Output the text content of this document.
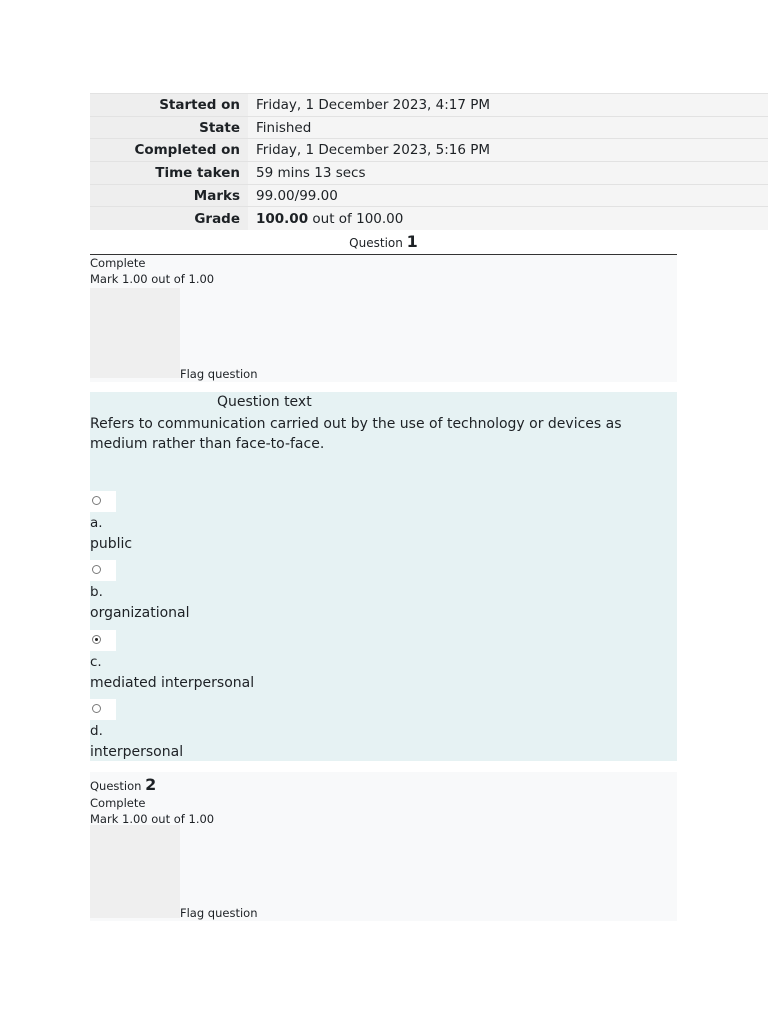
Started on	Friday, 1 December 2023, 4:17 PM
State	Finished
Completed on	Friday, 1 December 2023, 5:16 PM
Time taken	59 mins 13 secs
Marks	99.00/99.00
Grade	100.00 out of 100.00
Question 1
Complete
Mark 1.00 out of 1.00
Flag question
Question text
Refers to communication carried out by the use of technology or devices as medium rather than face-to-face.
a.
public
b.
organizational
c.
mediated interpersonal
d.
interpersonal
Question 2
Complete
Mark 1.00 out of 1.00
Flag question
